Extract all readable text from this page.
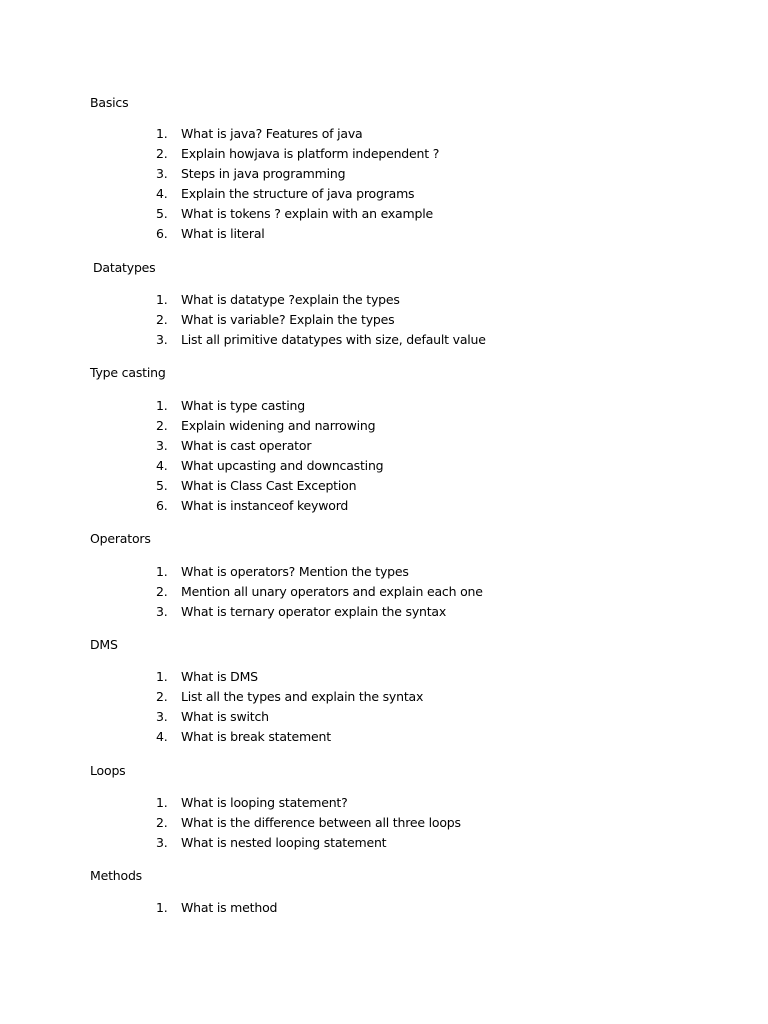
Basics
1. What is java? Features of java
2. Explain howjava is platform independent ?
3. Steps in java programming
4. Explain the structure of java programs
5. What is tokens ? explain with an example
6. What is literal
Datatypes
1. What is datatype ?explain the types
2. What is variable? Explain the types
3. List all primitive datatypes with size, default value
Type casting
1. What is type casting
2. Explain widening and narrowing
3. What is cast operator
4. What upcasting and downcasting
5. What is Class Cast Exception
6. What is instanceof keyword
Operators
1. What is operators? Mention the types
2. Mention all unary operators and explain each one
3. What is ternary operator explain the syntax
DMS
1. What is DMS
2. List all the types and explain the syntax
3. What is switch
4. What is break statement
Loops
1. What is looping statement?
2. What is the difference between all three loops
3. What is nested looping statement
Methods
1. What is method
